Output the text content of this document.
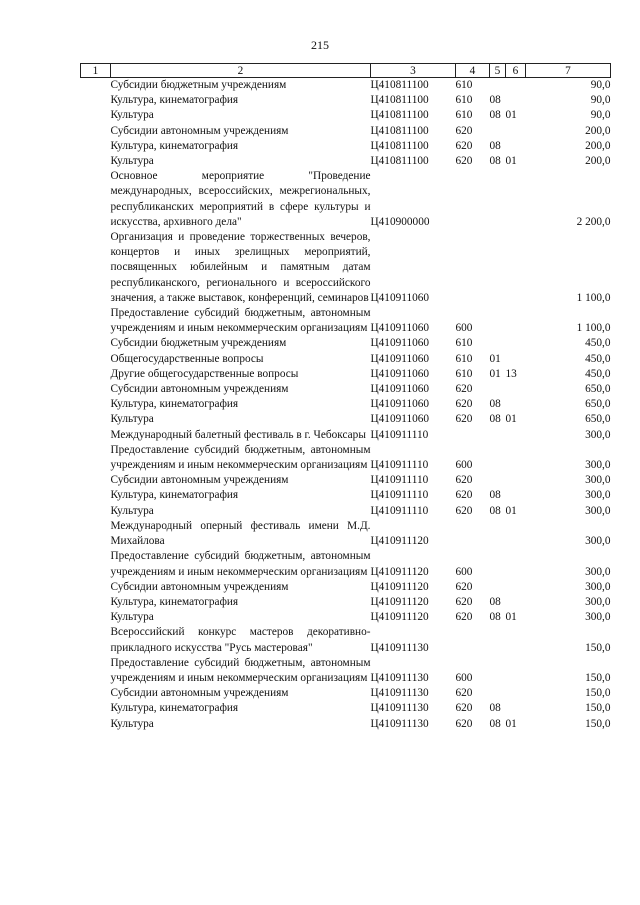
215
1	2	3	4	5	6	7
	Субсидии бюджетным учреждениям	Ц410811100	610			90,0
	Культура, кинематография	Ц410811100	610	08		90,0
	Культура	Ц410811100	610	08	01	90,0
	Субсидии автономным учреждениям	Ц410811100	620			200,0
	Культура, кинематография	Ц410811100	620	08		200,0
	Культура	Ц410811100	620	08	01	200,0
	Основное мероприятие "Проведение международных, всероссийских, межрегиональных, республиканских мероприятий в сфере культуры и искусства, архивного дела"	Ц410900000				2 200,0
	Организация и проведение торжественных вечеров, концертов и иных зрелищных мероприятий, посвященных юбилейным и памятным датам республиканского, регионального и всероссийского значения, а также выставок, конференций, семинаров	Ц410911060				1 100,0
	Предоставление субсидий бюджетным, автономным учреждениям и иным некоммерческим организациям	Ц410911060	600			1 100,0
	Субсидии бюджетным учреждениям	Ц410911060	610			450,0
	Общегосударственные вопросы	Ц410911060	610	01		450,0
	Другие общегосударственные вопросы	Ц410911060	610	01	13	450,0
	Субсидии автономным учреждениям	Ц410911060	620			650,0
	Культура, кинематография	Ц410911060	620	08		650,0
	Культура	Ц410911060	620	08	01	650,0
	Международный балетный фестиваль в г. Чебоксары	Ц410911110				300,0
	Предоставление субсидий бюджетным, автономным учреждениям и иным некоммерческим организациям	Ц410911110	600			300,0
	Субсидии автономным учреждениям	Ц410911110	620			300,0
	Культура, кинематография	Ц410911110	620	08		300,0
	Культура	Ц410911110	620	08	01	300,0
	Международный оперный фестиваль имени М.Д. Михайлова	Ц410911120				300,0
	Предоставление субсидий бюджетным, автономным учреждениям и иным некоммерческим организациям	Ц410911120	600			300,0
	Субсидии автономным учреждениям	Ц410911120	620			300,0
	Культура, кинематография	Ц410911120	620	08		300,0
	Культура	Ц410911120	620	08	01	300,0
	Всероссийский конкурс мастеров декоративно-прикладного искусства "Русь мастеровая"	Ц410911130				150,0
	Предоставление субсидий бюджетным, автономным учреждениям и иным некоммерческим организациям	Ц410911130	600			150,0
	Субсидии автономным учреждениям	Ц410911130	620			150,0
	Культура, кинематография	Ц410911130	620	08		150,0
	Культура	Ц410911130	620	08	01	150,0
